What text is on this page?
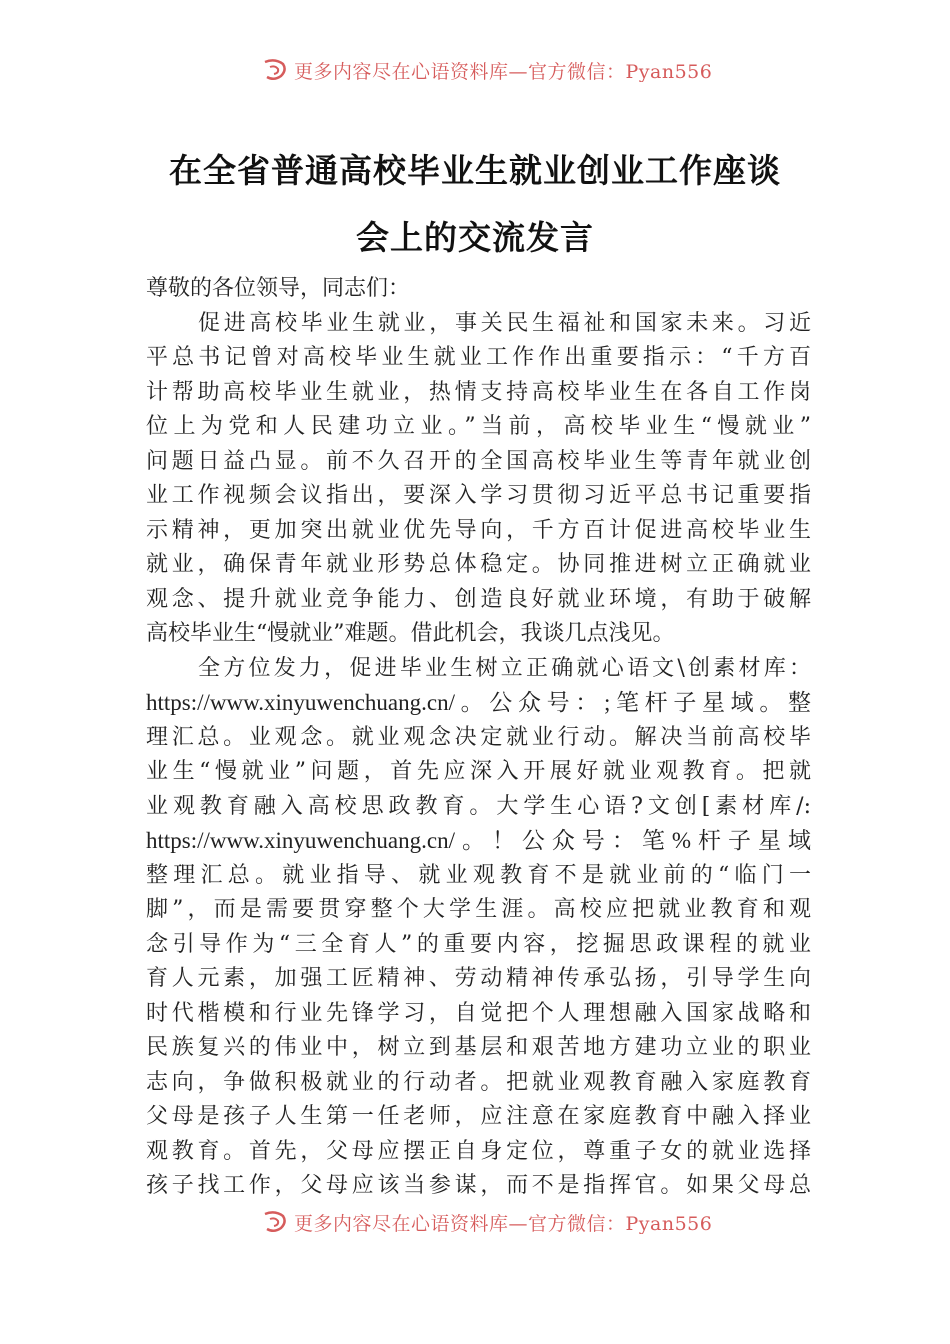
更多内容尽在心语资料库—官方微信：Pyan556
在全省普通高校毕业生就业创业工作座谈
会上的交流发言
尊敬的各位领导，同志们：
促进高校毕业生就业，事关民生福祉和国家未来。习近
平总书记曾对高校毕业生就业工作作出重要指示：“千方百
计帮助高校毕业生就业，热情支持高校毕业生在各自工作岗
位上为党和人民建功立业。”当前，高校毕业生“慢就业”
问题日益凸显。前不久召开的全国高校毕业生等青年就业创
业工作视频会议指出，要深入学习贯彻习近平总书记重要指
示精神，更加突出就业优先导向，千方百计促进高校毕业生
就业，确保青年就业形势总体稳定。协同推进树立正确就业
观念、提升就业竞争能力、创造良好就业环境，有助于破解
高校毕业生“慢就业”难题。借此机会，我谈几点浅见。
全方位发力，促进毕业生树立正确就心语文\创素材库：
https://www.xinyuwenchuang.cn/。公众号：;笔杆子星域。整
理汇总。业观念。就业观念决定就业行动。解决当前高校毕
业生“慢就业”问题，首先应深入开展好就业观教育。把就
业观教育融入高校思政教育。大学生心语?文创[素材库/:
https://www.xinyuwenchuang.cn/。！公众号：笔%杆子星域
整理汇总。就业指导、就业观教育不是就业前的“临门一
脚”，而是需要贯穿整个大学生涯。高校应把就业教育和观
念引导作为“三全育人”的重要内容，挖掘思政课程的就业
育人元素，加强工匠精神、劳动精神传承弘扬，引导学生向
时代楷模和行业先锋学习，自觉把个人理想融入国家战略和
民族复兴的伟业中，树立到基层和艰苦地方建功立业的职业
志向，争做积极就业的行动者。把就业观教育融入家庭教育
父母是孩子人生第一任老师，应注意在家庭教育中融入择业
观教育。首先，父母应摆正自身定位，尊重子女的就业选择
孩子找工作，父母应该当参谋，而不是指挥官。如果父母总
更多内容尽在心语资料库—官方微信：Pyan556
